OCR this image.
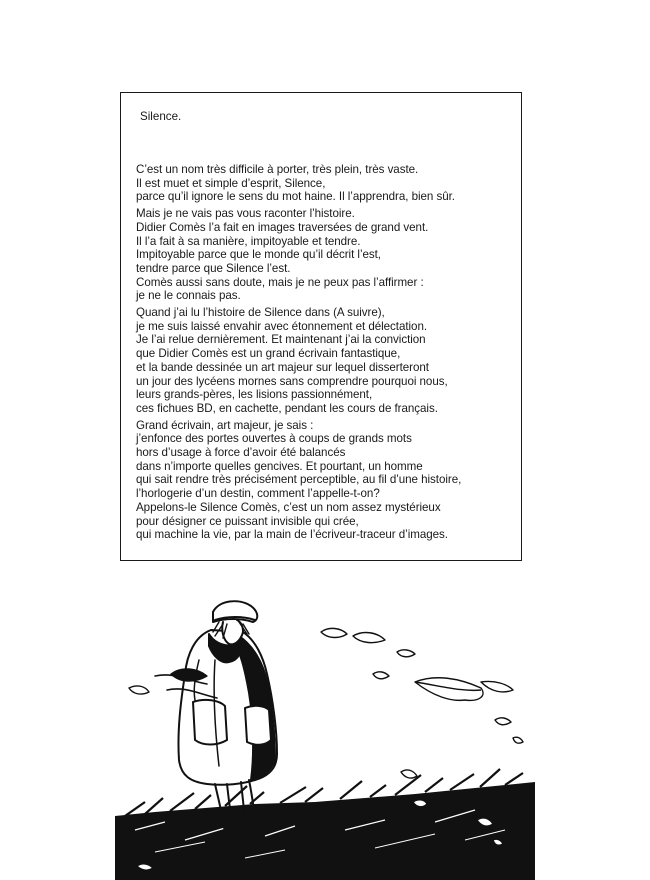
Silence.

C’est un nom très difficile à porter, très plein, très vaste.
Il est muet et simple d’esprit, Silence,
parce qu’il ignore le sens du mot haine. Il l’apprendra, bien sûr.
Mais je ne vais pas vous raconter l’histoire.
Didier Comès l’a fait en images traversées de grand vent.
Il l’a fait à sa manière, impitoyable et tendre.
Impitoyable parce que le monde qu’il décrit l’est,
tendre parce que Silence l’est.
Comès aussi sans doute, mais je ne peux pas l’affirmer :
je ne le connais pas.
Quand j’ai lu l’histoire de Silence dans (A suivre),
je me suis laissé envahir avec étonnement et délectation.
Je l’ai relue dernièrement. Et maintenant j’ai la conviction
que Didier Comès est un grand écrivain fantastique,
et la bande dessinée un art majeur sur lequel disserteront
un jour des lycéens mornes sans comprendre pourquoi nous,
leurs grands-pères, les lisions passionnément,
ces fichues BD, en cachette, pendant les cours de français.
Grand écrivain, art majeur, je sais :
j’enfonce des portes ouvertes à coups de grands mots
hors d’usage à force d’avoir été balancés
dans n’importe quelles gencives. Et pourtant, un homme
qui sait rendre très précisément perceptible, au fil d’une histoire,
l’horlogerie d’un destin, comment l’appelle-t-on?
Appelons-le Silence Comès, c’est un nom assez mystérieux
pour désigner ce puissant invisible qui crée,
qui machine la vie, par la main de l’écriveur-traceur d’images.
